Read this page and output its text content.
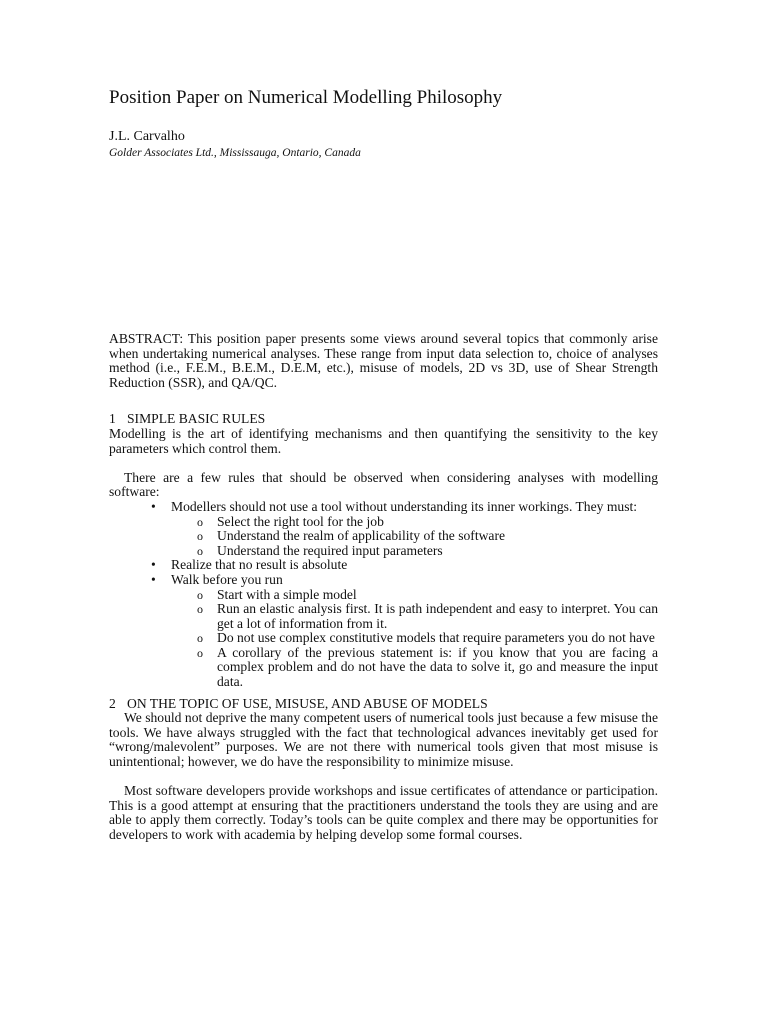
Position Paper on Numerical Modelling Philosophy
J.L. Carvalho
Golder Associates Ltd., Mississauga, Ontario, Canada

ABSTRACT: This position paper presents some views around several topics that commonly arise when undertaking numerical analyses. These range from input data selection to, choice of analyses method (i.e., F.E.M., B.E.M., D.E.M, etc.), misuse of models, 2D vs 3D, use of Shear Strength Reduction (SSR), and QA/QC.

1 SIMPLE BASIC RULES

Modelling is the art of identifying mechanisms and then quantifying the sensitivity to the key parameters which control them.

There are a few rules that should be observed when considering analyses with modelling software:

•	Modellers should not use a tool without understanding its inner workings. They must:
o	Select the right tool for the job
o	Understand the realm of applicability of the software
o	Understand the required input parameters
•	Realize that no result is absolute
•	Walk before you run
o	Start with a simple model
o	Run an elastic analysis first. It is path independent and easy to interpret. You can get a lot of information from it.
o	Do not use complex constitutive models that require parameters you do not have
o	A corollary of the previous statement is: if you know that you are facing a complex problem and do not have the data to solve it, go and measure the input data.
2 ON THE TOPIC OF USE, MISUSE, AND ABUSE OF MODELS

We should not deprive the many competent users of numerical tools just because a few misuse the tools. We have always struggled with the fact that technological advances inevitably get used for “wrong/malevolent” purposes. We are not there with numerical tools given that most misuse is unintentional; however, we do have the responsibility to minimize misuse.

Most software developers provide workshops and issue certificates of attendance or participation. This is a good attempt at ensuring that the practitioners understand the tools they are using and are able to apply them correctly. Today’s tools can be quite complex and there may be opportunities for developers to work with academia by helping develop some formal courses.
